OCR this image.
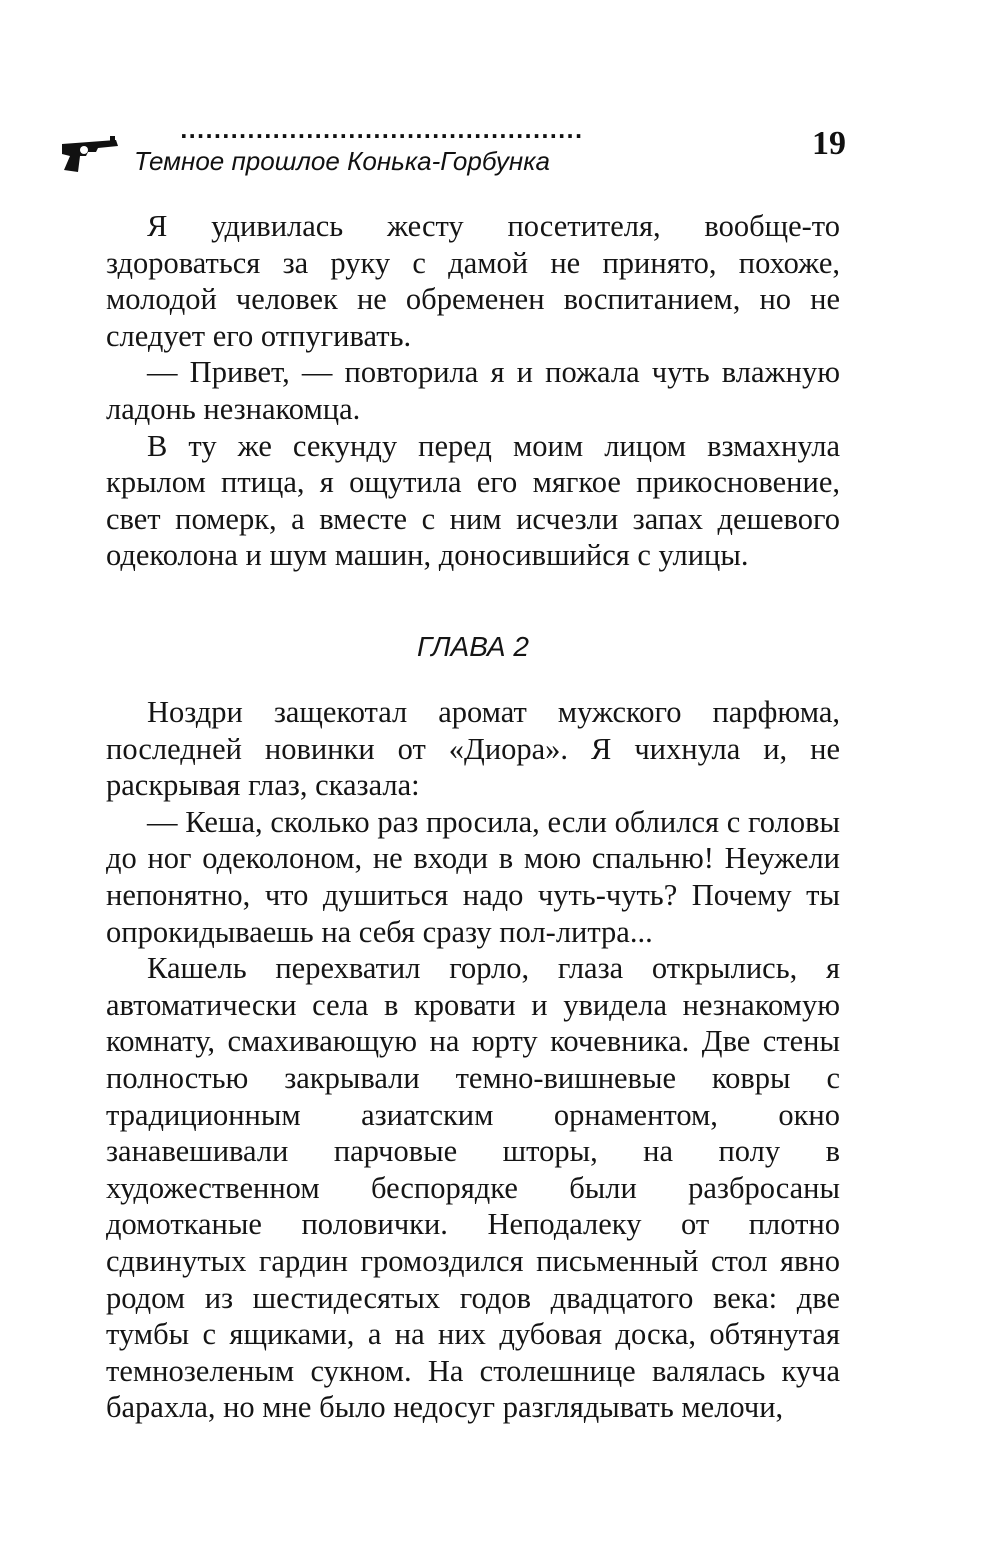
................................................
Темное прошлое Конька-Горбунка	19

Я удивилась жесту посетителя, вообще-то здороваться за руку с дамой не принято, похоже, молодой человек не обременен воспитанием, но не следует его отпугивать.

— Привет, — повторила я и пожала чуть влажную ладонь незнакомца.

В ту же секунду перед моим лицом взмахнула крылом птица, я ощутила его мягкое прикосновение, свет померк, а вместе с ним исчезли запах дешевого одеколона и шум машин, доносившийся с улицы.

ГЛАВА 2

Ноздри защекотал аромат мужского парфюма, последней новинки от «Диора». Я чихнула и, не раскрывая глаз, сказала:

— Кеша, сколько раз просила, если облился с головы до ног одеколоном, не входи в мою спальню! Неужели непонятно, что душиться надо чуть-чуть? Почему ты опрокидываешь на себя сразу пол-литра...

Кашель перехватил горло, глаза открылись, я автоматически села в кровати и увидела незнакомую комнату, смахивающую на юрту кочевника. Две стены полностью закрывали темно-вишневые ковры с традиционным азиатским орнаментом, окно занавешивали парчовые шторы, на полу в художественном беспорядке были разбросаны домотканые половички. Неподалеку от плотно сдвинутых гардин громоздился письменный стол явно родом из шестидесятых годов двадцатого века: две тумбы с ящиками, а на них дубовая доска, обтянутая темнозеленым сукном. На столешнице валялась куча барахла, но мне было недосуг разглядывать мелочи,
